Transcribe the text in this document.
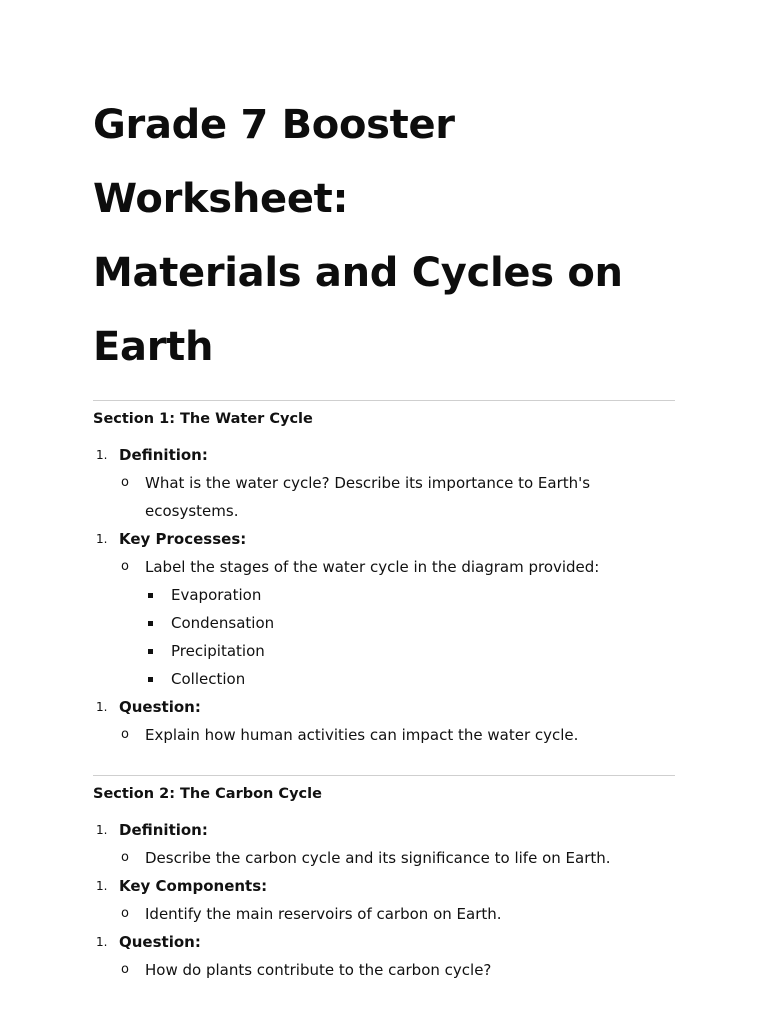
Grade 7 Booster Worksheet:
Materials and Cycles on
Earth
Section 1: The Water Cycle
1. Definition:
o What is the water cycle? Describe its importance to Earth's
ecosystems.
1. Key Processes:
o Label the stages of the water cycle in the diagram provided:
Evaporation
Condensation
Precipitation
Collection
1. Question:
o Explain how human activities can impact the water cycle.
Section 2: The Carbon Cycle
1. Definition:
o Describe the carbon cycle and its significance to life on Earth.
1. Key Components:
o Identify the main reservoirs of carbon on Earth.
1. Question:
o How do plants contribute to the carbon cycle?
